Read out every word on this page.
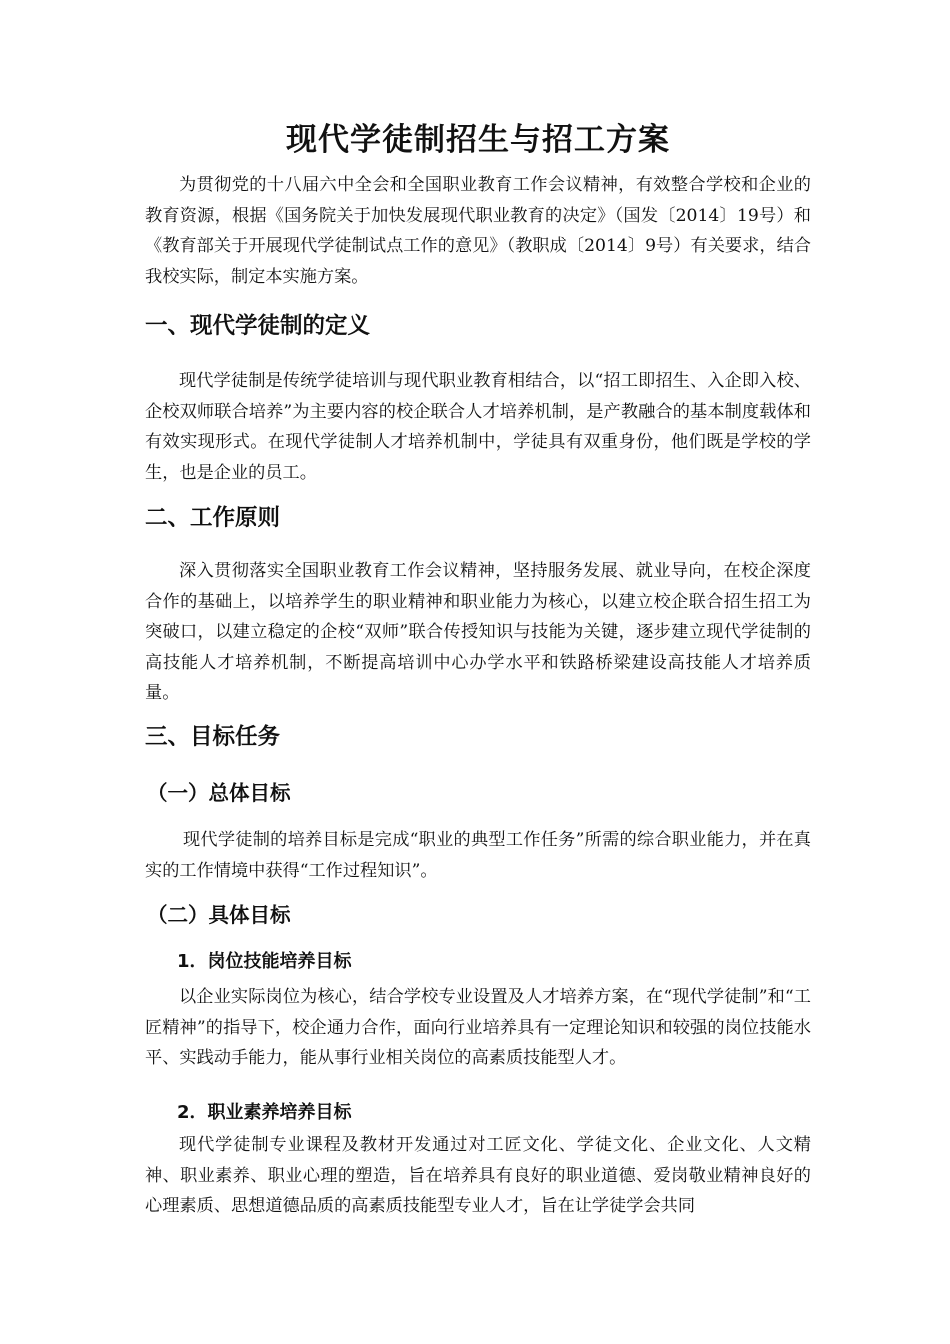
现代学徒制招生与招工方案

为贯彻党的十八届六中全会和全国职业教育工作会议精神，有效整合学校和企业的教育资源，根据《国务院关于加快发展现代职业教育的决定》（国发〔2014〕19号）和《教育部关于开展现代学徒制试点工作的意见》（教职成〔2014〕9号）有关要求，结合我校实际，制定本实施方案。

一、现代学徒制的定义

现代学徒制是传统学徒培训与现代职业教育相结合，以“招工即招生、入企即入校、企校双师联合培养”为主要内容的校企联合人才培养机制，是产教融合的基本制度载体和有效实现形式。在现代学徒制人才培养机制中，学徒具有双重身份，他们既是学校的学生，也是企业的员工。

二、工作原则

深入贯彻落实全国职业教育工作会议精神，坚持服务发展、就业导向，在校企深度合作的基础上，以培养学生的职业精神和职业能力为核心，以建立校企联合招生招工为突破口，以建立稳定的企校“双师”联合传授知识与技能为关键，逐步建立现代学徒制的高技能人才培养机制，不断提高培训中心办学水平和铁路桥梁建设高技能人才培养质量。

三、目标任务
（一）总体目标

现代学徒制的培养目标是完成“职业的典型工作任务”所需的综合职业能力，并在真实的工作情境中获得“工作过程知识”。

（二）具体目标
1．岗位技能培养目标

以企业实际岗位为核心，结合学校专业设置及人才培养方案，在“现代学徒制”和“工匠精神”的指导下，校企通力合作，面向行业培养具有一定理论知识和较强的岗位技能水平、实践动手能力，能从事行业相关岗位的高素质技能型人才。

2．职业素养培养目标

现代学徒制专业课程及教材开发通过对工匠文化、学徒文化、企业文化、人文精神、职业素养、职业心理的塑造，旨在培养具有良好的职业道德、爱岗敬业精神良好的心理素质、思想道德品质的高素质技能型专业人才，旨在让学徒学会共同
